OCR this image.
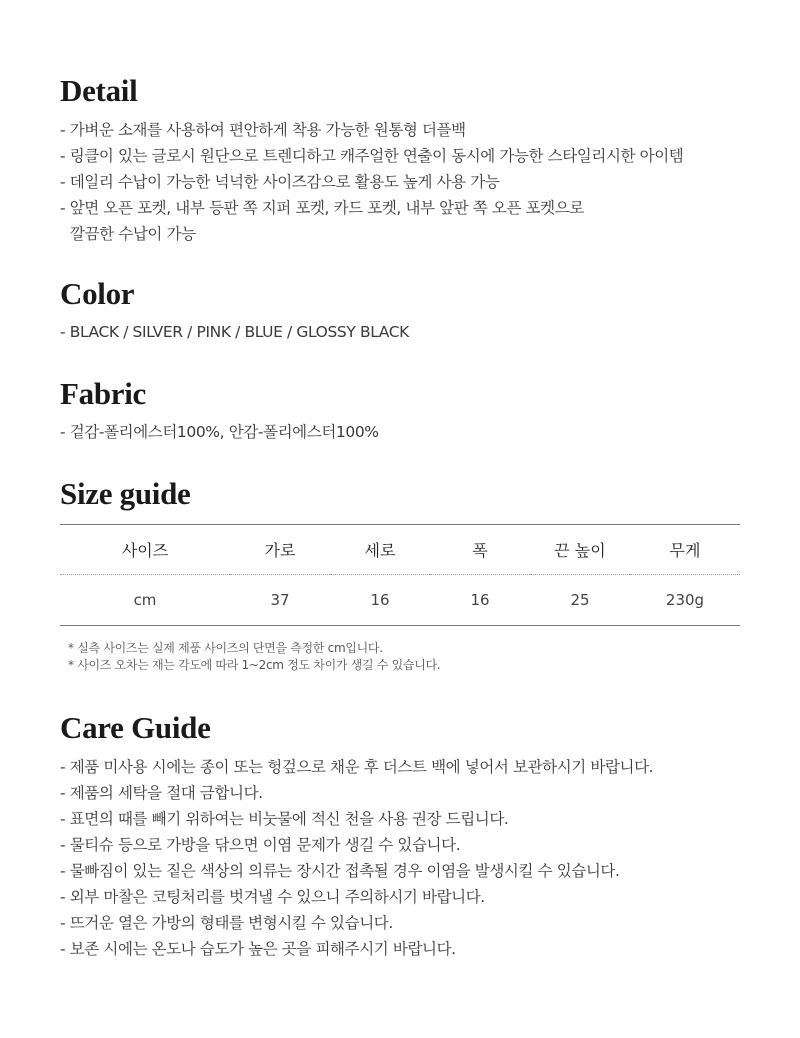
Detail
- 가벼운 소재를 사용하여 편안하게 착용 가능한 원통형 더플백
- 링클이 있는 글로시 원단으로 트렌디하고 캐주얼한 연출이 동시에 가능한 스타일리시한 아이템
- 데일리 수납이 가능한 넉넉한 사이즈감으로 활용도 높게 사용 가능
- 앞면 오픈 포켓, 내부 등판 쪽 지퍼 포켓, 카드 포켓, 내부 앞판 쪽 오픈 포켓으로
깔끔한 수납이 가능
Color
- BLACK / SILVER / PINK / BLUE / GLOSSY BLACK
Fabric
- 겉감-폴리에스터100%, 안감-폴리에스터100%
Size guide
사이즈	가로	세로	폭	끈 높이	무게
cm	37	16	16	25	230g
* 실측 사이즈는 실제 제품 사이즈의 단면을 측정한 cm입니다.
* 사이즈 오차는 재는 각도에 따라 1~2cm 정도 차이가 생길 수 있습니다.
Care Guide
- 제품 미사용 시에는 종이 또는 헝겊으로 채운 후 더스트 백에 넣어서 보관하시기 바랍니다.
- 제품의 세탁을 절대 금합니다.
- 표면의 때를 빼기 위하여는 비눗물에 적신 천을 사용 권장 드립니다.
- 물티슈 등으로 가방을 닦으면 이염 문제가 생길 수 있습니다.
- 물빠짐이 있는 짙은 색상의 의류는 장시간 접촉될 경우 이염을 발생시킬 수 있습니다.
- 외부 마찰은 코팅처리를 벗겨낼 수 있으니 주의하시기 바랍니다.
- 뜨거운 열은 가방의 형태를 변형시킬 수 있습니다.
- 보존 시에는 온도나 습도가 높은 곳을 피해주시기 바랍니다.
